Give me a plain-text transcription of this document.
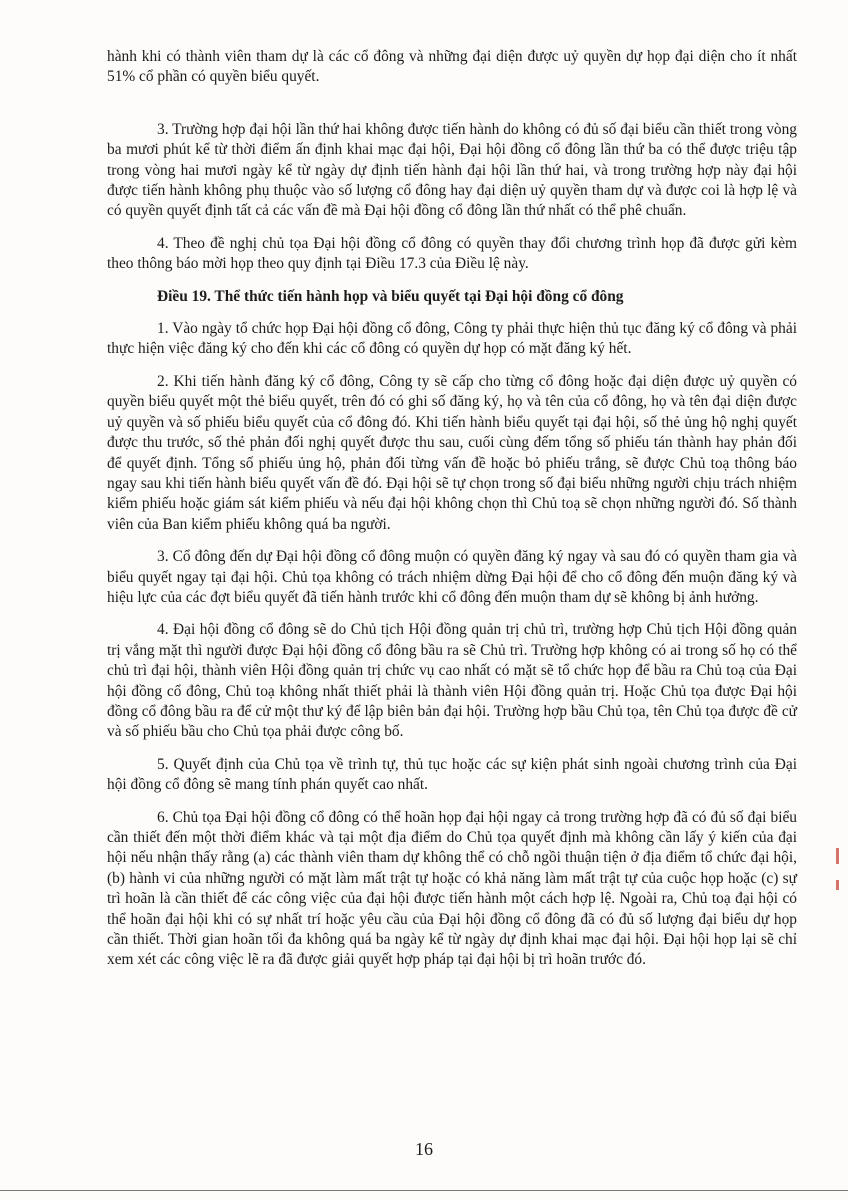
hành khi có thành viên tham dự là các cổ đông và những đại diện được uỷ quyền dự họp đại diện cho ít nhất 51% cổ phần có quyền biểu quyết.

3. Trường hợp đại hội lần thứ hai không được tiến hành do không có đủ số đại biểu cần thiết trong vòng ba mươi phút kể từ thời điểm ấn định khai mạc đại hội, Đại hội đồng cổ đông lần thứ ba có thể được triệu tập trong vòng hai mươi ngày kể từ ngày dự định tiến hành đại hội lần thứ hai, và trong trường hợp này đại hội được tiến hành không phụ thuộc vào số lượng cổ đông hay đại diện uỷ quyền tham dự và được coi là hợp lệ và có quyền quyết định tất cả các vấn đề mà Đại hội đồng cổ đông lần thứ nhất có thể phê chuẩn.

4. Theo đề nghị chủ tọa Đại hội đồng cổ đông có quyền thay đổi chương trình họp đã được gửi kèm theo thông báo mời họp theo quy định tại Điều 17.3 của Điều lệ này.

Điều 19. Thể thức tiến hành họp và biểu quyết tại Đại hội đồng cổ đông

1. Vào ngày tổ chức họp Đại hội đồng cổ đông, Công ty phải thực hiện thủ tục đăng ký cổ đông và phải thực hiện việc đăng ký cho đến khi các cổ đông có quyền dự họp có mặt đăng ký hết.

2. Khi tiến hành đăng ký cổ đông, Công ty sẽ cấp cho từng cổ đông hoặc đại diện được uỷ quyền có quyền biểu quyết một thẻ biểu quyết, trên đó có ghi số đăng ký, họ và tên của cổ đông, họ và tên đại diện được uỷ quyền và số phiếu biểu quyết của cổ đông đó. Khi tiến hành biểu quyết tại đại hội, số thẻ ủng hộ nghị quyết được thu trước, số thẻ phản đối nghị quyết được thu sau, cuối cùng đếm tổng số phiếu tán thành hay phản đối để quyết định. Tổng số phiếu ủng hộ, phản đối từng vấn đề hoặc bỏ phiếu trắng, sẽ được Chủ toạ thông báo ngay sau khi tiến hành biểu quyết vấn đề đó. Đại hội sẽ tự chọn trong số đại biểu những người chịu trách nhiệm kiểm phiếu hoặc giám sát kiểm phiếu và nếu đại hội không chọn thì Chủ toạ sẽ chọn những người đó. Số thành viên của Ban kiểm phiếu không quá ba người.

3. Cổ đông đến dự Đại hội đồng cổ đông muộn có quyền đăng ký ngay và sau đó có quyền tham gia và biểu quyết ngay tại đại hội. Chủ tọa không có trách nhiệm dừng Đại hội để cho cổ đông đến muộn đăng ký và hiệu lực của các đợt biểu quyết đã tiến hành trước khi cổ đông đến muộn tham dự sẽ không bị ảnh hưởng.

4. Đại hội đồng cổ đông sẽ do Chủ tịch Hội đồng quản trị chủ trì, trường hợp Chủ tịch Hội đồng quản trị vắng mặt thì người được Đại hội đồng cổ đông bầu ra sẽ Chủ trì. Trường hợp không có ai trong số họ có thể chủ trì đại hội, thành viên Hội đồng quản trị chức vụ cao nhất có mặt sẽ tổ chức họp để bầu ra Chủ toạ của Đại hội đồng cổ đông, Chủ toạ không nhất thiết phải là thành viên Hội đồng quản trị. Hoặc Chủ tọa được Đại hội đồng cổ đông bầu ra để cử một thư ký để lập biên bản đại hội. Trường hợp bầu Chủ tọa, tên Chủ tọa được đề cử và số phiếu bầu cho Chủ tọa phải được công bố.

5. Quyết định của Chủ tọa về trình tự, thủ tục hoặc các sự kiện phát sinh ngoài chương trình của Đại hội đồng cổ đông sẽ mang tính phán quyết cao nhất.

6. Chủ tọa Đại hội đồng cổ đông có thể hoãn họp đại hội ngay cả trong trường hợp đã có đủ số đại biểu cần thiết đến một thời điểm khác và tại một địa điểm do Chủ tọa quyết định mà không cần lấy ý kiến của đại hội nếu nhận thấy rằng (a) các thành viên tham dự không thể có chỗ ngồi thuận tiện ở địa điểm tổ chức đại hội, (b) hành vi của những người có mặt làm mất trật tự hoặc có khả năng làm mất trật tự của cuộc họp hoặc (c) sự trì hoãn là cần thiết để các công việc của đại hội được tiến hành một cách hợp lệ. Ngoài ra, Chủ toạ đại hội có thể hoãn đại hội khi có sự nhất trí hoặc yêu cầu của Đại hội đồng cổ đông đã có đủ số lượng đại biểu dự họp cần thiết. Thời gian hoãn tối đa không quá ba ngày kể từ ngày dự định khai mạc đại hội. Đại hội họp lại sẽ chỉ xem xét các công việc lẽ ra đã được giải quyết hợp pháp tại đại hội bị trì hoãn trước đó.

16
